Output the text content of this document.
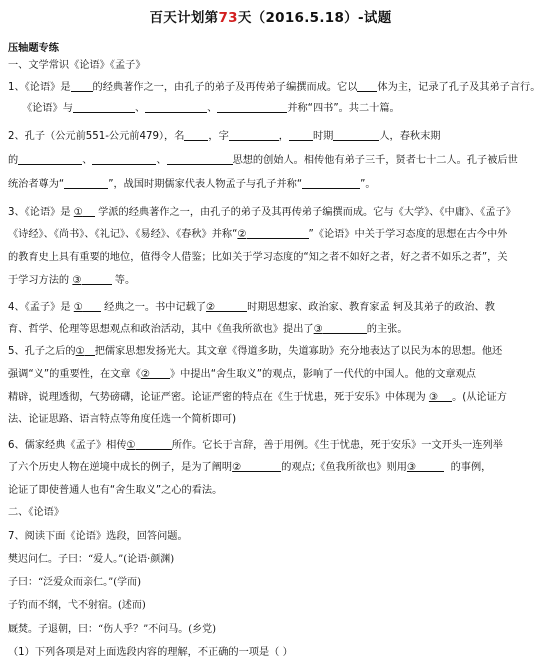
百天计划第73天（2016.5.18）-试题
压轴题专练
一、文学常识《论语》《孟子》
1、《论语》是 的经典著作之一，由孔子的弟子及再传弟子编撰而成。它以 体为主，记录了孔子及其弟子言行。
《论语》与	、	、	并称“四书”。共二十篇。
2、孔子（公元前551-公元前479），名 ，字	， 时期	人，春秋末期
的	、	、	思想的创始人。相传他有弟子三千，贤者七十二人。孔子被后世
统治者尊为“	”，战国时期儒家代表人物孟子与孔子并称“	”。
3、《论语》是 ① 学派的经典著作之一，由孔子的弟子及其再传弟子编撰而成。它与《大学》、《中庸》、《孟子》
《诗经》、《尚书》、《礼记》、《易经》、《春秋》并称“②	”《论语》中关于学习态度的思想在古今中外
的教育史上具有重要的地位，值得令人借鉴；比如关于学习态度的“知之者不如好之者，好之者不如乐之者”，关
于学习方法的 ③	等。
4、《孟子》是 ① 经典之一。书中记载了②	时期思想家、政治家、教育家孟 轲及其弟子的政治、教
育、哲学、伦理等思想观点和政治活动，其中《鱼我所欲也》提出了③	的主张。
5、孔子之后的① 把儒家思想发扬光大。其文章《得道多助，失道寡助》充分地表达了以民为本的思想。他还
强调“义”的重要性，在文章《② 》中提出“舍生取义”的观点，影响了一代代的中国人。他的文章观点
精辟，说理透彻，气势磅礴，论证严密。论证严密的特点在《生于忧患，死于安乐》中体现为 ③ 。(从论证方
法、论证思路、语言特点等角度任选一个简析即可)
6、儒家经典《孟子》相传①	所作。它长于言辞，善于用例。《生于忧患，死于安乐》一文开头一连列举
了六个历史人物在逆境中成长的例子，是为了阐明②	的观点;《鱼我所欲也》则用③	的事例，
论证了即使普通人也有“舍生取义”之心的看法。
二、《论语》
7、阅读下面《论语》选段，回答问题。
樊迟问仁。子曰：“爱人。”(论语·颜渊)
子曰：“泛爱众而亲仁。”(学而)
子钓而不纲，弋不射宿。(述而)
厩焚。子退朝，曰：“伤人乎？”不问马。(乡党)
（1）下列各项是对上面选段内容的理解，不正确的一项是（ ）
